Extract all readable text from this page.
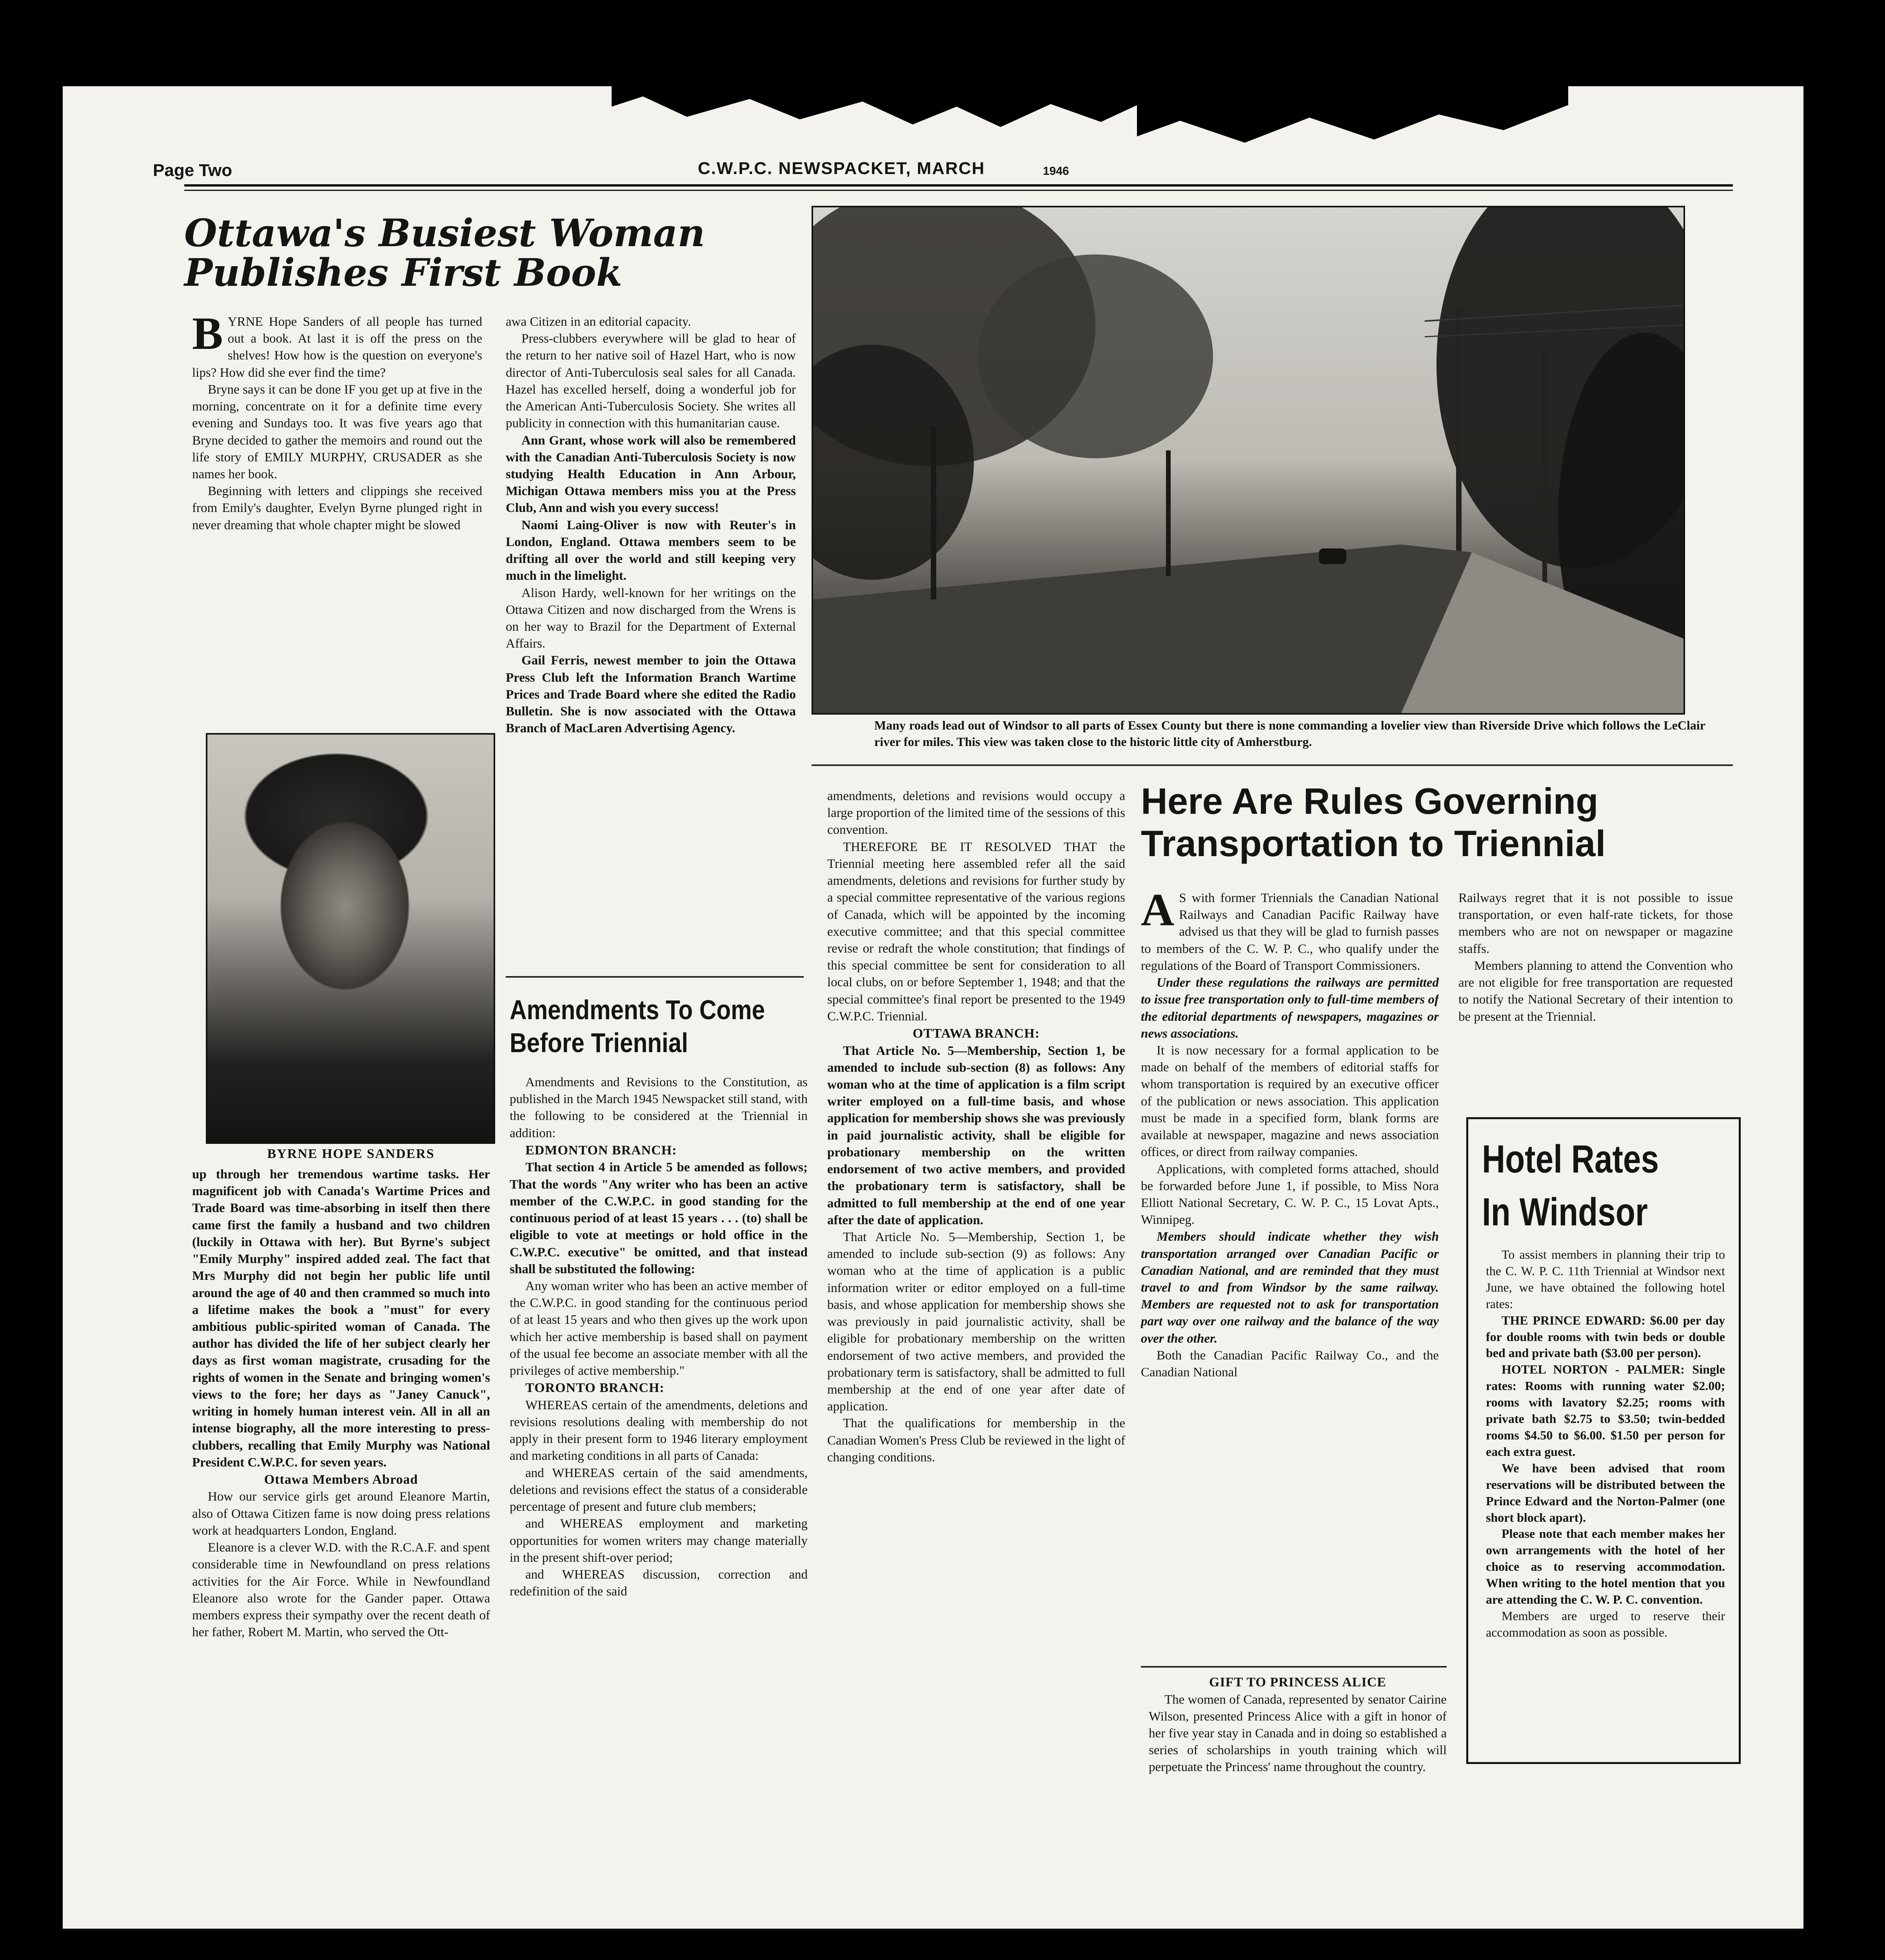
Page Two	C.W.P.C. NEWSPACKET, MARCH	1946
Ottawa's Busiest Woman
Publishes First Book

BYRNE Hope Sanders of all people has turned out a book. At last it is off the press on the shelves! How how is the question on everyone's lips? How did she ever find the time?

Bryne says it can be done IF you get up at five in the morning, concentrate on it for a definite time every evening and Sundays too. It was five years ago that Bryne decided to gather the memoirs and round out the life story of EMILY MURPHY, CRUSADER as she names her book.

Beginning with letters and clippings she received from Emily's daughter, Evelyn Byrne plunged right in never dreaming that whole chapter might be slowed

BYRNE HOPE SANDERS

up through her tremendous wartime tasks. Her magnificent job with Canada's Wartime Prices and Trade Board was time-absorbing in itself then there came first the family a husband and two children (luckily in Ottawa with her). But Byrne's subject "Emily Murphy" inspired added zeal. The fact that Mrs Murphy did not begin her public life until around the age of 40 and then crammed so much into a lifetime makes the book a "must" for every ambitious public-spirited woman of Canada. The author has divided the life of her subject clearly her days as first woman magistrate, crusading for the rights of women in the Senate and bringing women's views to the fore; her days as "Janey Canuck", writing in homely human interest vein. All in all an intense biography, all the more interesting to press-clubbers, recalling that Emily Murphy was National President C.W.P.C. for seven years.

Ottawa Members Abroad

How our service girls get around Eleanore Martin, also of Ottawa Citizen fame is now doing press relations work at headquarters London, England.

Eleanore is a clever W.D. with the R.C.A.F. and spent considerable time in Newfoundland on press relations activities for the Air Force. While in Newfoundland Eleanore also wrote for the Gander paper. Ottawa members express their sympathy over the recent death of her father, Robert M. Martin, who served the Ott-

awa Citizen in an editorial capacity.

Press-clubbers everywhere will be glad to hear of the return to her native soil of Hazel Hart, who is now director of Anti-Tuberculosis seal sales for all Canada. Hazel has excelled herself, doing a wonderful job for the American Anti-Tuberculosis Society. She writes all publicity in connection with this humanitarian cause.

Ann Grant, whose work will also be remembered with the Canadian Anti-Tuberculosis Society is now studying Health Education in Ann Arbour, Michigan Ottawa members miss you at the Press Club, Ann and wish you every success!

Naomi Laing-Oliver is now with Reuter's in London, England. Ottawa members seem to be drifting all over the world and still keeping very much in the limelight.

Alison Hardy, well-known for her writings on the Ottawa Citizen and now discharged from the Wrens is on her way to Brazil for the Department of External Affairs.

Gail Ferris, newest member to join the Ottawa Press Club left the Information Branch Wartime Prices and Trade Board where she edited the Radio Bulletin. She is now associated with the Ottawa Branch of MacLaren Advertising Agency.

Amendments To Come
Before Triennial

Amendments and Revisions to the Constitution, as published in the March 1945 Newspacket still stand, with the following to be considered at the Triennial in addition:

EDMONTON BRANCH:

That section 4 in Article 5 be amended as follows; That the words "Any writer who has been an active member of the C.W.P.C. in good standing for the continuous period of at least 15 years . . . (to) shall be eligible to vote at meetings or hold office in the C.W.P.C. executive" be omitted, and that instead shall be substituted the following:

Any woman writer who has been an active member of the C.W.P.C. in good standing for the continuous period of at least 15 years and who then gives up the work upon which her active membership is based shall on payment of the usual fee become an associate member with all the privileges of active membership."

TORONTO BRANCH:

WHEREAS certain of the amendments, deletions and revisions resolutions dealing with membership do not apply in their present form to 1946 literary employment and marketing conditions in all parts of Canada:

and WHEREAS certain of the said amendments, deletions and revisions effect the status of a considerable percentage of present and future club members;

and WHEREAS employment and marketing opportunities for women writers may change materially in the present shift-over period;

and WHEREAS discussion, correction and redefinition of the said

Many roads lead out of Windsor to all parts of Essex County but there is none commanding a lovelier view than Riverside Drive which follows the LeClair river for miles. This view was taken close to the historic little city of Amherstburg.

amendments, deletions and revisions would occupy a large proportion of the limited time of the sessions of this convention.

THEREFORE BE IT RESOLVED THAT the Triennial meeting here assembled refer all the said amendments, deletions and revisions for further study by a special committee representative of the various regions of Canada, which will be appointed by the incoming executive committee; and that this special committee revise or redraft the whole constitution; that findings of this special committee be sent for consideration to all local clubs, on or before September 1, 1948; and that the special committee's final report be presented to the 1949 C.W.P.C. Triennial.

OTTAWA BRANCH:

That Article No. 5—Membership, Section 1, be amended to include sub-section (8) as follows: Any woman who at the time of application is a film script writer employed on a full-time basis, and whose application for membership shows she was previously in paid journalistic activity, shall be eligible for probationary membership on the written endorsement of two active members, and provided the probationary term is satisfactory, shall be admitted to full membership at the end of one year after the date of application.

That Article No. 5—Membership, Section 1, be amended to include sub-section (9) as follows: Any woman who at the time of application is a public information writer or editor employed on a full-time basis, and whose application for membership shows she was previously in paid journalistic activity, shall be eligible for probationary membership on the written endorsement of two active members, and provided the probationary term is satisfactory, shall be admitted to full membership at the end of one year after date of application.

That the qualifications for membership in the Canadian Women's Press Club be reviewed in the light of changing conditions.

Here Are Rules Governing
Transportation to Triennial

A S with former Triennials the Canadian National Railways and Canadian Pacific Railway have advised us that they will be glad to furnish passes to members of the C. W. P. C., who qualify under the regulations of the Board of Transport Commissioners.

Under these regulations the railways are permitted to issue free transportation only to full-time members of the editorial departments of newspapers, magazines or news associations.

It is now necessary for a formal application to be made on behalf of the members of editorial staffs for whom transportation is required by an executive officer of the publication or news association. This application must be made in a specified form, blank forms are available at newspaper, magazine and news association offices, or direct from railway companies.

Applications, with completed forms attached, should be forwarded before June 1, if possible, to Miss Nora Elliott National Secretary, C. W. P. C., 15 Lovat Apts., Winnipeg.

Members should indicate whether they wish transportation arranged over Canadian Pacific or Canadian National, and are reminded that they must travel to and from Windsor by the same railway. Members are requested not to ask for transportation part way over one railway and the balance of the way over the other.

Both the Canadian Pacific Railway Co., and the Canadian National

GIFT TO PRINCESS ALICE

The women of Canada, represented by senator Cairine Wilson, presented Princess Alice with a gift in honor of her five year stay in Canada and in doing so established a series of scholarships in youth training which will perpetuate the Princess' name throughout the country.

Railways regret that it is not possible to issue transportation, or even half-rate tickets, for those members who are not on newspaper or magazine staffs.

Members planning to attend the Convention who are not eligible for free transportation are requested to notify the National Secretary of their intention to be present at the Triennial.

Hotel Rates
In Windsor

To assist members in planning their trip to the C. W. P. C. 11th Triennial at Windsor next June, we have obtained the following hotel rates:

THE PRINCE EDWARD: $6.00 per day for double rooms with twin beds or double bed and private bath ($3.00 per person).

HOTEL NORTON - PALMER: Single rates: Rooms with running water $2.00; rooms with lavatory $2.25; rooms with private bath $2.75 to $3.50; twin-bedded rooms $4.50 to $6.00. $1.50 per person for each extra guest.

We have been advised that room reservations will be distributed between the Prince Edward and the Norton-Palmer (one short block apart).

Please note that each member makes her own arrangements with the hotel of her choice as to reserving accommodation. When writing to the hotel mention that you are attending the C. W. P. C. convention.

Members are urged to reserve their accommodation as soon as possible.
